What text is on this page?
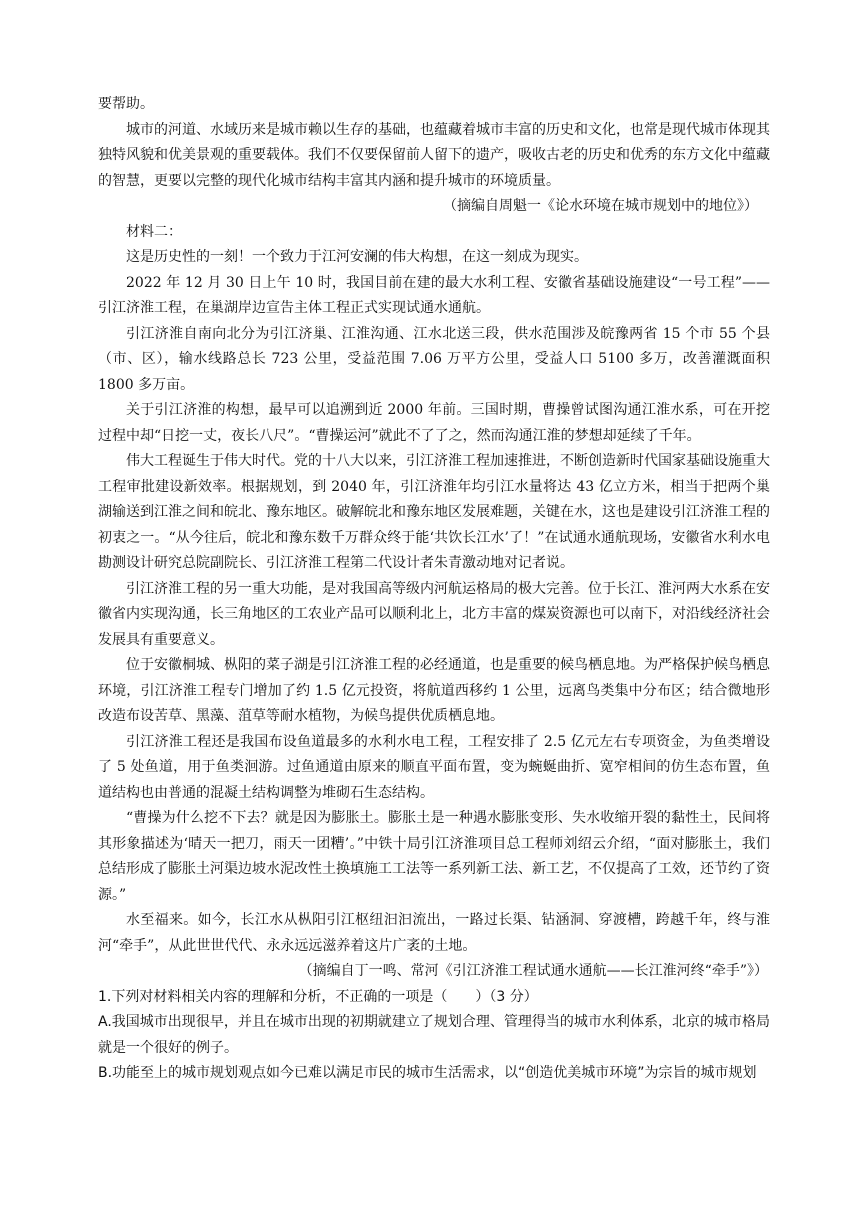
要帮助。

城市的河道、水域历来是城市赖以生存的基础，也蕴藏着城市丰富的历史和文化，也常是现代城市体现其独特风貌和优美景观的重要载体。我们不仅要保留前人留下的遗产，吸收古老的历史和优秀的东方文化中蕴藏的智慧，更要以完整的现代化城市结构丰富其内涵和提升城市的环境质量。

（摘编自周魁一《论水环境在城市规划中的地位》）

材料二：

这是历史性的一刻！一个致力于江河安澜的伟大构想，在这一刻成为现实。

2022 年 12 月 30 日上午 10 时，我国目前在建的最大水利工程、安徽省基础设施建设“一号工程”——引江济淮工程，在巢湖岸边宣告主体工程正式实现试通水通航。

引江济淮自南向北分为引江济巢、江淮沟通、江水北送三段，供水范围涉及皖豫两省 15 个市 55 个县（市、区），输水线路总长 723 公里，受益范围 7.06 万平方公里，受益人口 5100 多万，改善灌溉面积 1800 多万亩。

关于引江济淮的构想，最早可以追溯到近 2000 年前。三国时期，曹操曾试图沟通江淮水系，可在开挖过程中却“日挖一丈，夜长八尺”。“曹操运河”就此不了了之，然而沟通江淮的梦想却延续了千年。

伟大工程诞生于伟大时代。党的十八大以来，引江济淮工程加速推进，不断创造新时代国家基础设施重大工程审批建设新效率。根据规划，到 2040 年，引江济淮年均引江水量将达 43 亿立方米，相当于把两个巢湖输送到江淮之间和皖北、豫东地区。破解皖北和豫东地区发展难题，关键在水，这也是建设引江济淮工程的初衷之一。“从今往后，皖北和豫东数千万群众终于能‘共饮长江水’了！”在试通水通航现场，安徽省水利水电勘测设计研究总院副院长、引江济淮工程第二代设计者朱青激动地对记者说。

引江济淮工程的另一重大功能，是对我国高等级内河航运格局的极大完善。位于长江、淮河两大水系在安徽省内实现沟通，长三角地区的工农业产品可以顺利北上，北方丰富的煤炭资源也可以南下，对沿线经济社会发展具有重要意义。

位于安徽桐城、枞阳的菜子湖是引江济淮工程的必经通道，也是重要的候鸟栖息地。为严格保护候鸟栖息环境，引江济淮工程专门增加了约 1.5 亿元投资，将航道西移约 1 公里，远离鸟类集中分布区；结合微地形改造布设苦草、黑藻、菹草等耐水植物，为候鸟提供优质栖息地。

引江济淮工程还是我国布设鱼道最多的水利水电工程，工程安排了 2.5 亿元左右专项资金，为鱼类增设了 5 处鱼道，用于鱼类洄游。过鱼通道由原来的顺直平面布置，变为蜿蜒曲折、宽窄相间的仿生态布置，鱼道结构也由普通的混凝土结构调整为堆砌石生态结构。

“曹操为什么挖不下去？就是因为膨胀土。膨胀土是一种遇水膨胀变形、失水收缩开裂的黏性土，民间将其形象描述为‘晴天一把刀，雨天一团糟’。”中铁十局引江济淮项目总工程师刘绍云介绍，“面对膨胀土，我们总结形成了膨胀土河渠边坡水泥改性土换填施工工法等一系列新工法、新工艺，不仅提高了工效，还节约了资源。”

水至福来。如今，长江水从枞阳引江枢纽汩汩流出，一路过长渠、钻涵洞、穿渡槽，跨越千年，终与淮河“牵手”，从此世世代代、永永远远滋养着这片广袤的土地。

（摘编自丁一鸣、常河《引江济淮工程试通水通航——长江淮河终“牵手”》）

1.下列对材料相关内容的理解和分析，不正确的一项是（　　）（3 分）

A.我国城市出现很早，并且在城市出现的初期就建立了规划合理、管理得当的城市水利体系，北京的城市格局就是一个很好的例子。

B.功能至上的城市规划观点如今已难以满足市民的城市生活需求，以“创造优美城市环境”为宗旨的城市规划
